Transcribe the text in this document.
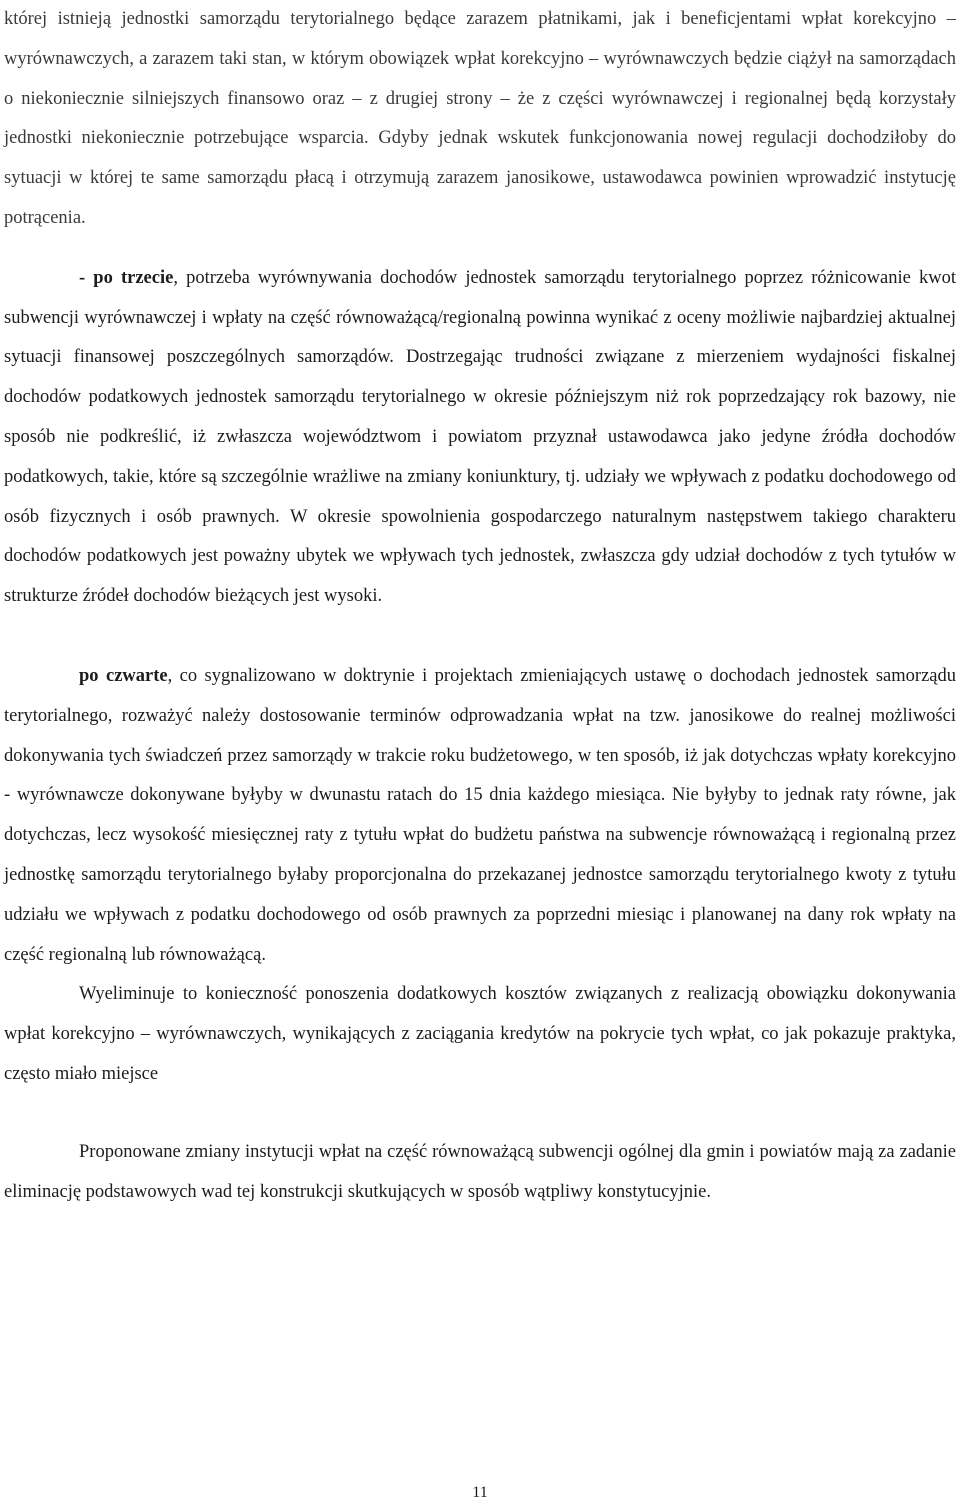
której istnieją jednostki samorządu terytorialnego będące zarazem płatnikami, jak i beneficjentami wpłat korekcyjno – wyrównawczych, a zarazem taki stan, w którym obowiązek wpłat korekcyjno – wyrównawczych będzie ciążył na samorządach o niekoniecznie silniejszych finansowo oraz – z drugiej strony – że z części wyrównawczej i regionalnej będą korzystały jednostki niekoniecznie potrzebujące wsparcia. Gdyby jednak wskutek funkcjonowania nowej regulacji dochodziłoby do sytuacji w której te same samorządu płacą i otrzymują zarazem janosikowe, ustawodawca powinien wprowadzić instytucję potrącenia.

- po trzecie, potrzeba wyrównywania dochodów jednostek samorządu terytorialnego poprzez różnicowanie kwot subwencji wyrównawczej i wpłaty na część równoważącą/regionalną powinna wynikać z oceny możliwie najbardziej aktualnej sytuacji finansowej poszczególnych samorządów. Dostrzegając trudności związane z mierzeniem wydajności fiskalnej dochodów podatkowych jednostek samorządu terytorialnego w okresie późniejszym niż rok poprzedzający rok bazowy, nie sposób nie podkreślić, iż zwłaszcza województwom i powiatom przyznał ustawodawca jako jedyne źródła dochodów podatkowych, takie, które są szczególnie wrażliwe na zmiany koniunktury, tj. udziały we wpływach z podatku dochodowego od osób fizycznych i osób prawnych. W okresie spowolnienia gospodarczego naturalnym następstwem takiego charakteru dochodów podatkowych jest poważny ubytek we wpływach tych jednostek, zwłaszcza gdy udział dochodów z tych tytułów w strukturze źródeł dochodów bieżących jest wysoki.

po czwarte, co sygnalizowano w doktrynie i projektach zmieniających ustawę o dochodach jednostek samorządu terytorialnego, rozważyć należy dostosowanie terminów odprowadzania wpłat na tzw. janosikowe do realnej możliwości dokonywania tych świadczeń przez samorządy w trakcie roku budżetowego, w ten sposób, iż jak dotychczas wpłaty korekcyjno - wyrównawcze dokonywane byłyby w dwunastu ratach do 15 dnia każdego miesiąca. Nie byłyby to jednak raty równe, jak dotychczas, lecz wysokość miesięcznej raty z tytułu wpłat do budżetu państwa na subwencje równoważącą i regionalną przez jednostkę samorządu terytorialnego byłaby proporcjonalna do przekazanej jednostce samorządu terytorialnego kwoty z tytułu udziału we wpływach z podatku dochodowego od osób prawnych za poprzedni miesiąc i planowanej na dany rok wpłaty na część regionalną lub równoważącą.

Wyeliminuje to konieczność ponoszenia dodatkowych kosztów związanych z realizacją obowiązku dokonywania wpłat korekcyjno – wyrównawczych, wynikających z zaciągania kredytów na pokrycie tych wpłat, co jak pokazuje praktyka, często miało miejsce

Proponowane zmiany instytucji wpłat na część równoważącą subwencji ogólnej dla gmin i powiatów mają za zadanie eliminację podstawowych wad tej konstrukcji skutkujących w sposób wątpliwy konstytucyjnie.

11
